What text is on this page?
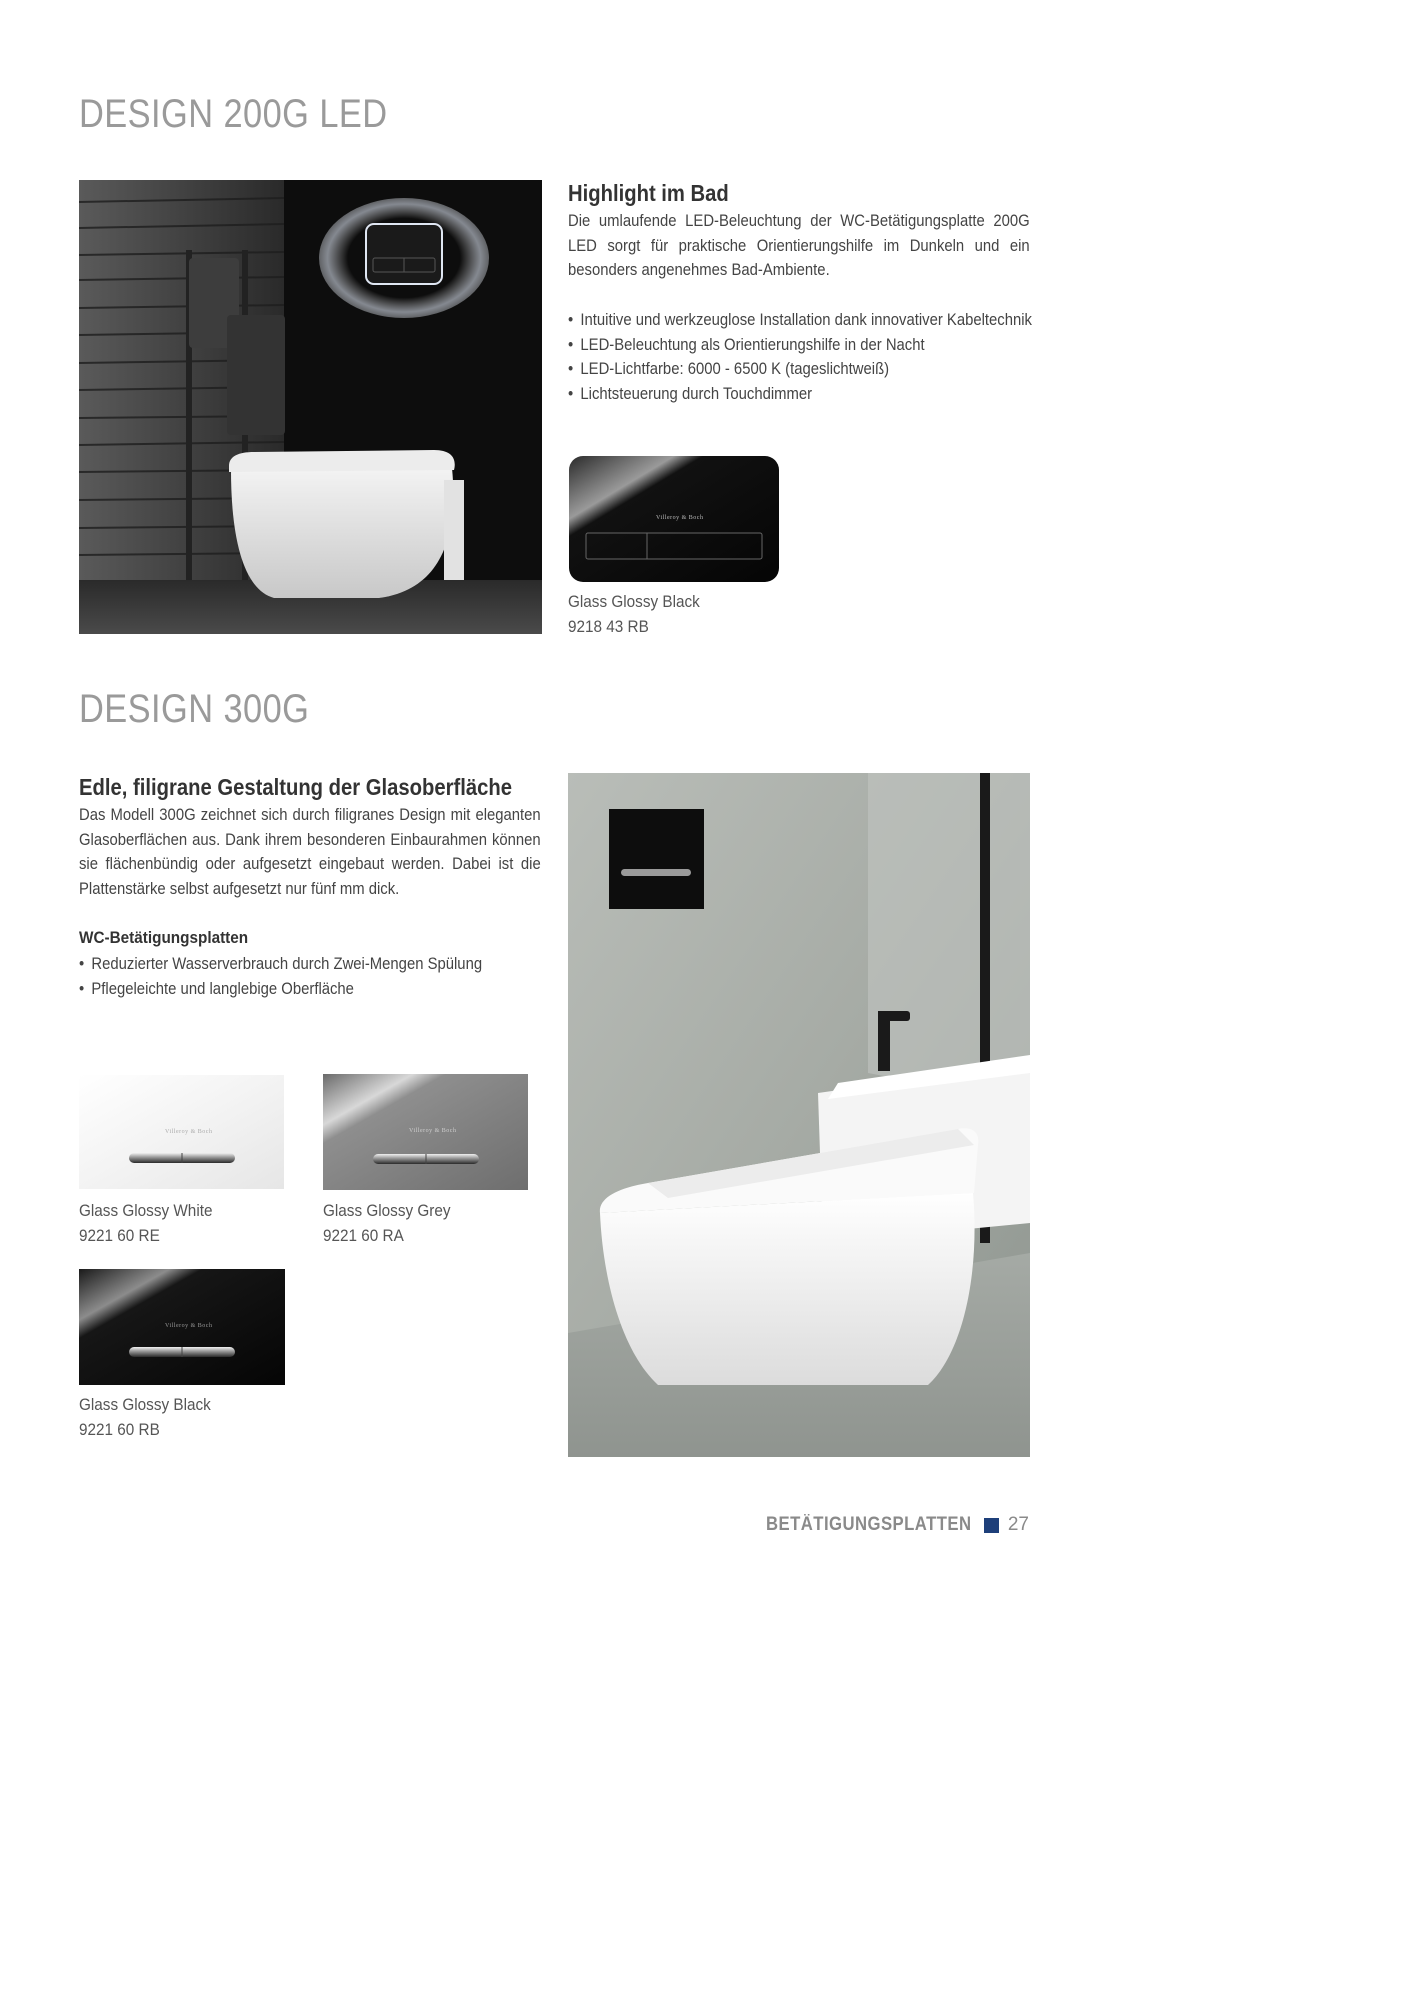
DESIGN 200G LED
Highlight im Bad

Die umlaufende LED-Beleuchtung der WC-Betätigungsplatte 200G LED sorgt für praktische Orientierungshilfe im Dunkeln und ein besonders angenehmes Bad-Ambiente.

• Intuitive und werkzeuglose Installation dank innovativer Kabeltechnik
• LED-Beleuchtung als Orientierungshilfe in der Nacht
• LED-Lichtfarbe: 6000 - 6500 K (tageslichtweiß)
• Lichtsteuerung durch Touchdimmer
Villeroy & Boch
Glass Glossy Black
9218 43 RB
DESIGN 300G
Edle, filigrane Gestaltung der Glasoberfläche

Das Modell 300G zeichnet sich durch filigranes Design mit eleganten Glasoberflächen aus. Dank ihrem besonderen Einbaurahmen können sie flächenbündig oder aufgesetzt eingebaut werden. Dabei ist die Plattenstärke selbst aufgesetzt nur fünf mm dick.

WC-Betätigungsplatten
• Reduzierter Wasserverbrauch durch Zwei-Mengen Spülung
• Pflegeleichte und langlebige Oberfläche
Villeroy & Boch	Villeroy & Boch
Glass Glossy White
9221 60 RE
Glass Glossy Grey
9221 60 RA
Villeroy & Boch
Glass Glossy Black
9221 60 RB
BETÄTIGUNGSPLATTEN 27
